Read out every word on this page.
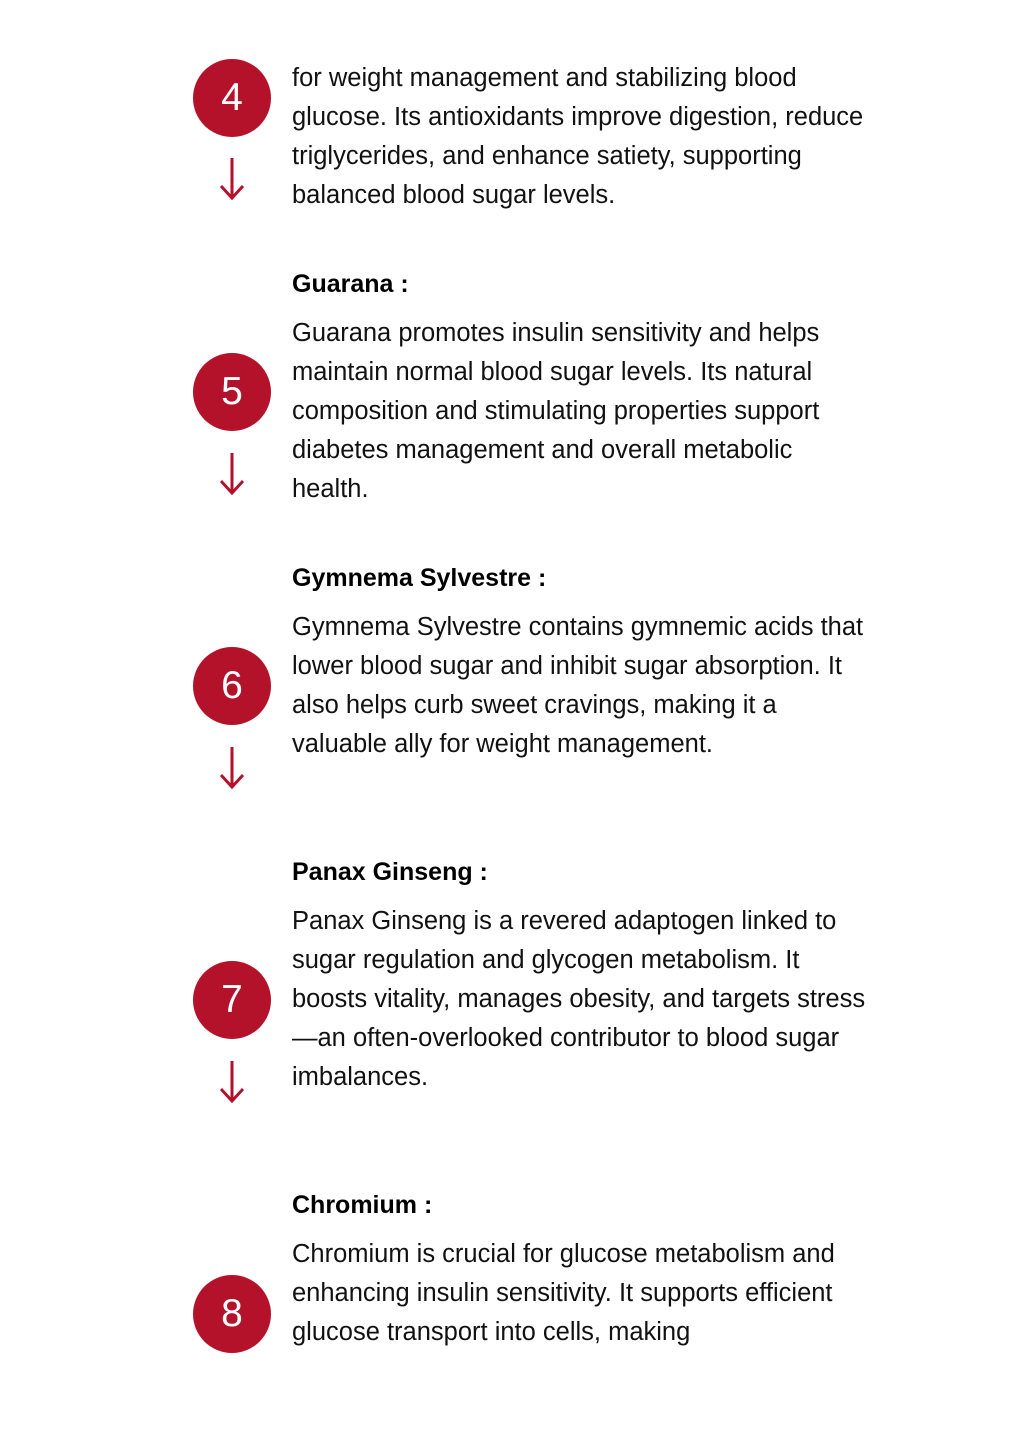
4	for weight management and stabilizing blood glucose. Its antioxidants improve digestion, reduce triglycerides, and enhance satiety, supporting balanced blood sugar levels.

Guarana :
5

Guarana promotes insulin sensitivity and helps maintain normal blood sugar levels. Its natural composition and stimulating properties support diabetes management and overall metabolic health.

Gymnema Sylvestre :
6

Gymnema Sylvestre contains gymnemic acids that lower blood sugar and inhibit sugar absorption. It also helps curb sweet cravings, making it a valuable ally for weight management.

Panax Ginseng :
7

Panax Ginseng is a revered adaptogen linked to sugar regulation and glycogen metabolism. It boosts vitality, manages obesity, and targets stress—an often-overlooked contributor to blood sugar imbalances.

Chromium :
8

Chromium is crucial for glucose metabolism and enhancing insulin sensitivity. It supports efficient glucose transport into cells, making
